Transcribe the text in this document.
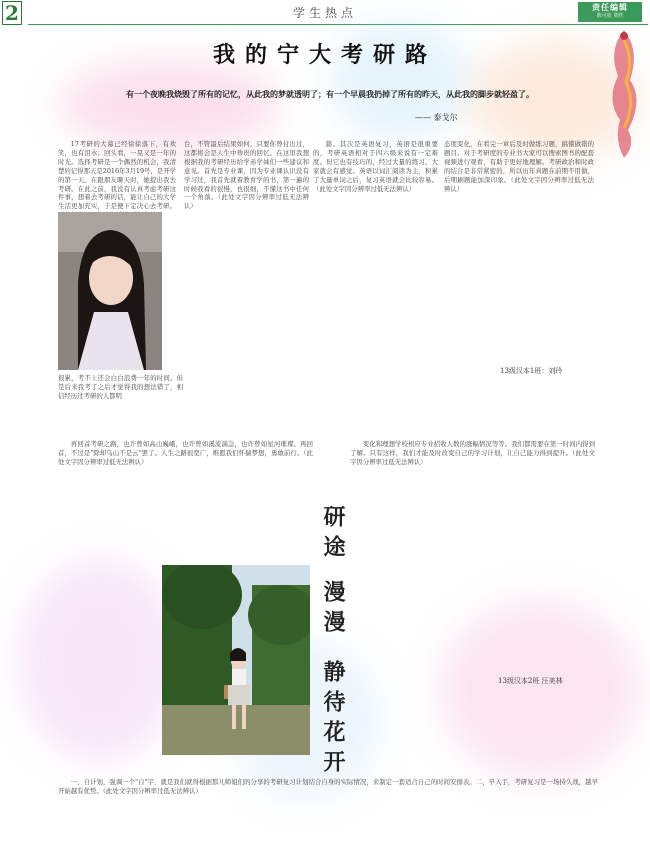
2	学生热点	责任编辑
陈可欣 贾欣
我的宁大考研路
有一个夜晚我烧毁了所有的记忆，从此我的梦就透明了；有一个早晨我扔掉了所有的昨天，从此我的脚步就轻盈了。
—— 泰戈尔
17考研的大幕已经徐徐落下，有欢笑，也有泪水；回头看，一晃又是一年的时光。选择考研是一个偶然的机会，我清楚的记得那天是2016年3月19号，是开学的第一天。在跟朋友聊天时，她提出我去考研。在此之前，我没有认真考虑考研这件事，想着去考研的话，能让自己的大学生活更加充实，于是便下定决心去考研。
很累，考不上还会白白浪费一年的时间。但是后来我考了之后才觉得我的想法错了，相信经历过考研的人都明
台，不管最后结果如何，只要你曾付出过，这都将会是人生中珍贵的回忆。在这里我想根据我的考研经历给学弟学妹们一些建议和意见。首先是专业课，因为专业课认识没有学习过，我首先就着教育学的书，第一遍的时候我看的很慢，也很细，不懂这书中任何一个角落。（此处文字因分辨率过低无法辨认）
篇。其次是英语复习，英语是很重要的，考研英语相对于四六级来说有一定难度。但它也有技巧的，经过大量的练习，大家就会有感觉。英语以词汇阅读为主，积累了大量单词之后，复习英语就会比较容易。（此处文字因分辨率过低无法辨认）
态度变化，在看完一章后及时做练习题，搞懂做错的题目。对于考研度的专业书大家可以搜索图书的配套视频进行观看，有助于更好地理解。考研政治和时政的结合是非常紧密的，所以历年真题在前期不用做，后期刷题能加深印象。（此处文字因分辨率过低无法辨认）
13级汉本1班：刘玲
再回首考研之路，也许曾如高山巍峨，也许曾如溪流湍急，也许曾如星河璀璨。再回首，不过是"除却乌山不是云"罢了。人生之路很宽广，唯愿我们怀揣梦想，勇敢前行。（此处文字因分辨率过低无法辨认）
研途
漫漫
静待花开
变化和理想学校相应专业招收人数的涨幅情况等等。我们都需要在第一时间内得到了解。只有这样，我们才能及时改变自己的学习计划，让自己能力得到提升。（此处文字因分辨率过低无法辨认）
13级汉本2班 汪美林
一，自计划，强调一个"自"字，就是我们就得根据那儿师姐们的分享的考研复习计划结合自身的实际情况，来制定一套适合自己的时间安排表。二，早入手，考研复习是一场持久战，越早开始越有优势。（此处文字因分辨率过低无法辨认）
